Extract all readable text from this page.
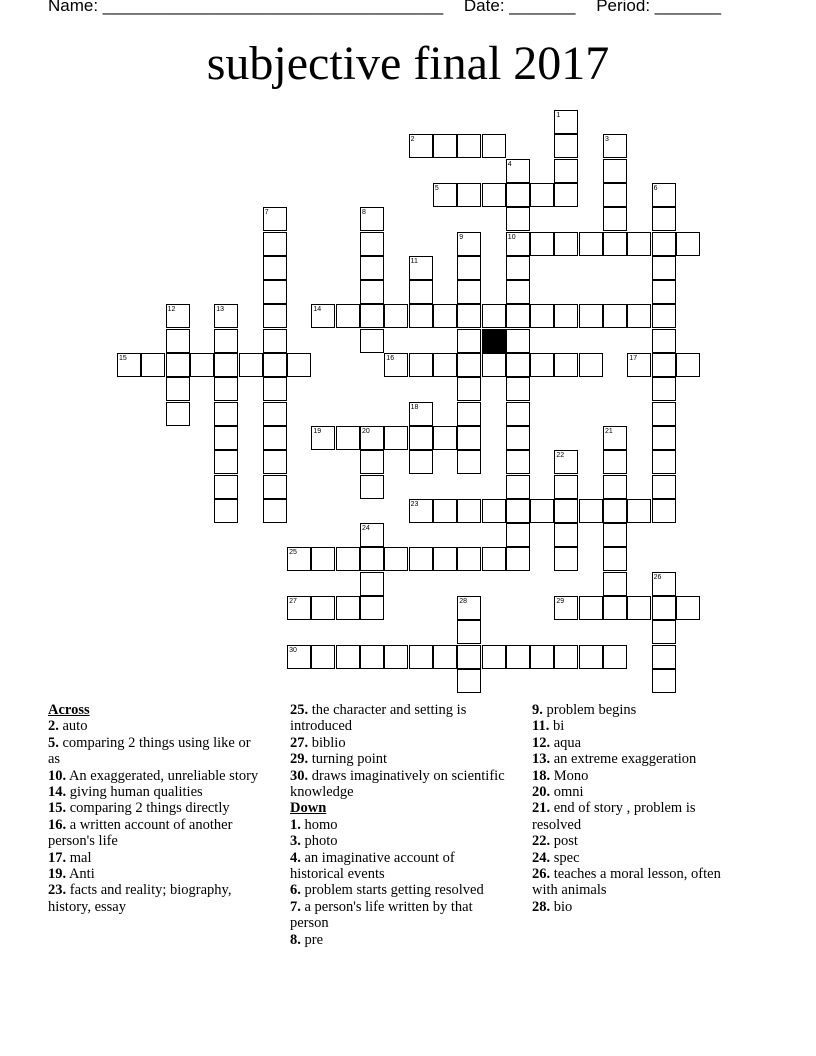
Name: ____________________________________ Date: _______ Period: _______
subjective final 2017
2
5
10
14
15	16	17
19
23
25
27	29
30
1
3
4
6
7	8
9
11
12	13
18
20	21
22
24
26
28
Across
2. auto
5. comparing 2 things using like or as
10. An exaggerated, unreliable story
14. giving human qualities
15. comparing 2 things directly
16. a written account of another person's life
17. mal
19. Anti
23. facts and reality; biography, history, essay
25. the character and setting is introduced
27. biblio
29. turning point
30. draws imaginatively on scientific knowledge
Down
1. homo
3. photo
4. an imaginative account of historical events
6. problem starts getting resolved
7. a person's life written by that person
8. pre
9. problem begins
11. bi
12. aqua
13. an extreme exaggeration
18. Mono
20. omni
21. end of story , problem is resolved
22. post
24. spec
26. teaches a moral lesson, often with animals
28. bio
